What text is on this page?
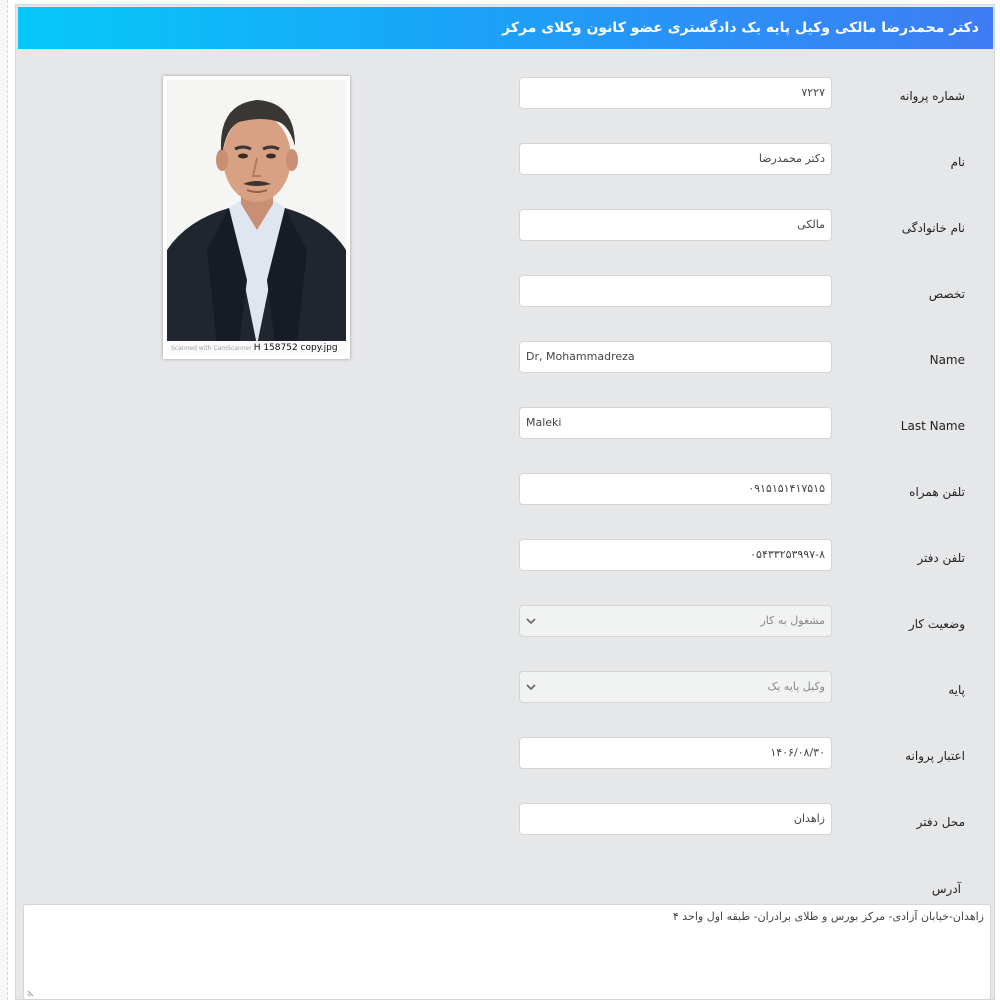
دکتر محمدرضا مالکی وکیل پایه یک دادگستری عضو کانون وکلای مرکز
Scanned with CamScanner H 158752 copy.jpg
شماره پروانه
۷۲۲۷
نام
دکتر محمدرضا
نام خانوادگی
مالکی
تخصص
Name
Dr, Mohammadreza
Last Name
Maleki
تلفن همراه
۰۹۱۵۱۵۱۴۱۷۵۱۵
تلفن دفتر
۰۵۴۳۳۲۵۳۹۹۷-۸
وضعیت کار
مشغول به کار
پایه
وکیل پایه یک
اعتبار پروانه
۱۴۰۶/۰۸/۳۰
محل دفتر
زاهدان
آدرس
زاهدان-خیابان آزادی- مرکز بورس و طلای برادران- طبقه اول واحد ۴
